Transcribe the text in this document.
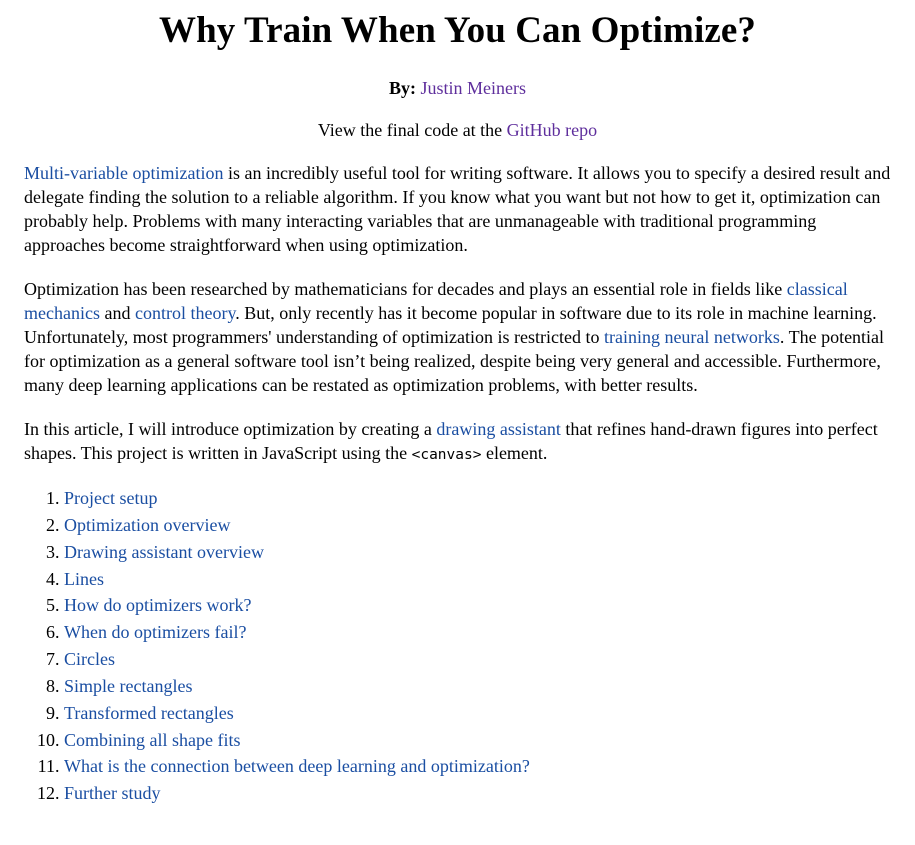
Why Train When You Can Optimize?
By: Justin Meiners
View the final code at the GitHub repo

Multi-variable optimization is an incredibly useful tool for writing software. It allows you to specify a desired result and delegate finding the solution to a reliable algorithm. If you know what you want but not how to get it, optimization can probably help. Problems with many interacting variables that are unmanageable with traditional programming approaches become straightforward when using optimization.

Optimization has been researched by mathematicians for decades and plays an essential role in fields like classical mechanics and control theory. But, only recently has it become popular in software due to its role in machine learning. Unfortunately, most programmers' understanding of optimization is restricted to training neural networks. The potential for optimization as a general software tool isn’t being realized, despite being very general and accessible. Furthermore, many deep learning applications can be restated as optimization problems, with better results.

In this article, I will introduce optimization by creating a drawing assistant that refines hand-drawn figures into perfect shapes. This project is written in JavaScript using the <canvas> element.

1. Project setup
2. Optimization overview
3. Drawing assistant overview
4. Lines
5. How do optimizers work?
6. When do optimizers fail?
7. Circles
8. Simple rectangles
9. Transformed rectangles
10. Combining all shape fits
11. What is the connection between deep learning and optimization?
12. Further study
